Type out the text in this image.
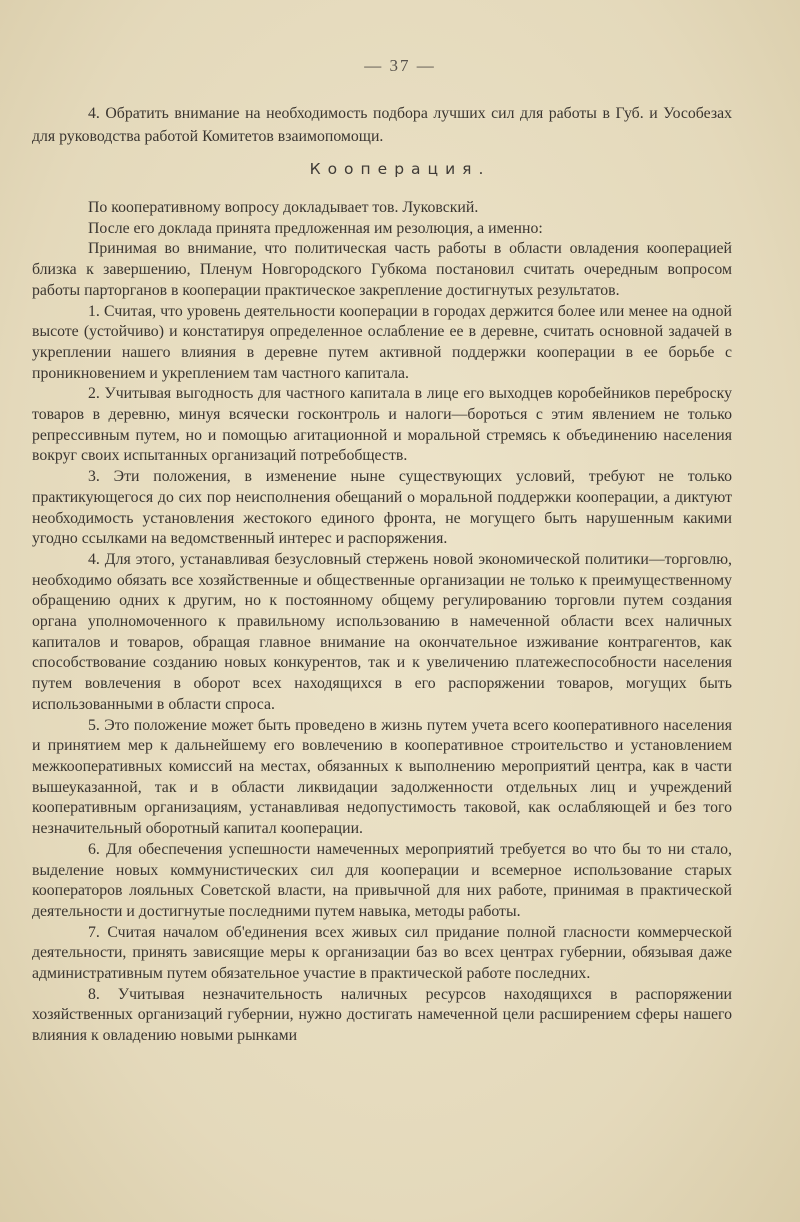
— 37 —

4. Обратить внимание на необходимость подбора лучших сил для работы в Губ. и Уособезах для руководства работой Комитетов взаимопомощи.

Кооперация.

По кооперативному вопросу докладывает тов. Луковский.

После его доклада принята предложенная им резолюция, а именно:

Принимая во внимание, что политическая часть работы в области овладения кооперацией близка к завершению, Пленум Новгородского Губкома постановил считать очередным вопросом работы парторганов в кооперации практическое закрепление достигнутых результатов.

1. Считая, что уровень деятельности кооперации в городах держится более или менее на одной высоте (устойчиво) и констатируя определенное ослабление ее в деревне, считать основной задачей в укреплении нашего влияния в деревне путем активной поддержки кооперации в ее борьбе с проникновением и укреплением там частного капитала.

2. Учитывая выгодность для частного капитала в лице его выходцев коробейников переброску товаров в деревню, минуя всячески госконтроль и налоги—бороться с этим явлением не только репрессивным путем, но и помощью агитационной и моральной стремясь к объединению населения вокруг своих испытанных организаций потребобществ.

3. Эти положения, в изменение ныне существующих условий, требуют не только практикующегося до сих пор неисполнения обещаний о моральной поддержки кооперации, а диктуют необходимость установления жестокого единого фронта, не могущего быть нарушенным какими угодно ссылками на ведомственный интерес и распоряжения.

4. Для этого, устанавливая безусловный стержень новой экономической политики—торговлю, необходимо обязать все хозяйственные и общественные организации не только к преимущественному обращению одних к другим, но к постоянному общему регулированию торговли путем создания органа уполномоченного к правильному использованию в намеченной области всех наличных капиталов и товаров, обращая главное внимание на окончательное изживание контрагентов, как способствование созданию новых конкурентов, так и к увеличению платежеспособности населения путем вовлечения в оборот всех находящихся в его распоряжении товаров, могущих быть использованными в области спроса.

5. Это положение может быть проведено в жизнь путем учета всего кооперативного населения и принятием мер к дальнейшему его вовлечению в кооперативное строительство и установлением межкооперативных комиссий на местах, обязанных к выполнению мероприятий центра, как в части вышеуказанной, так и в области ликвидации задолженности отдельных лиц и учреждений кооперативным организациям, устанавливая недопустимость таковой, как ослабляющей и без того незначительный оборотный капитал кооперации.

6. Для обеспечения успешности намеченных мероприятий требуется во что бы то ни стало, выделение новых коммунистических сил для кооперации и всемерное использование старых кооператоров лояльных Советской власти, на привычной для них работе, принимая в практической деятельности и достигнутые последними путем навыка, методы работы.

7. Считая началом об'единения всех живых сил придание полной гласности коммерческой деятельности, принять зависящие меры к организации баз во всех центрах губернии, обязывая даже административным путем обязательное участие в практической работе последних.

8. Учитывая незначительность наличных ресурсов находящихся в распоряжении хозяйственных организаций губернии, нужно достигать намеченной цели расширением сферы нашего влияния к овладению новыми рынками
